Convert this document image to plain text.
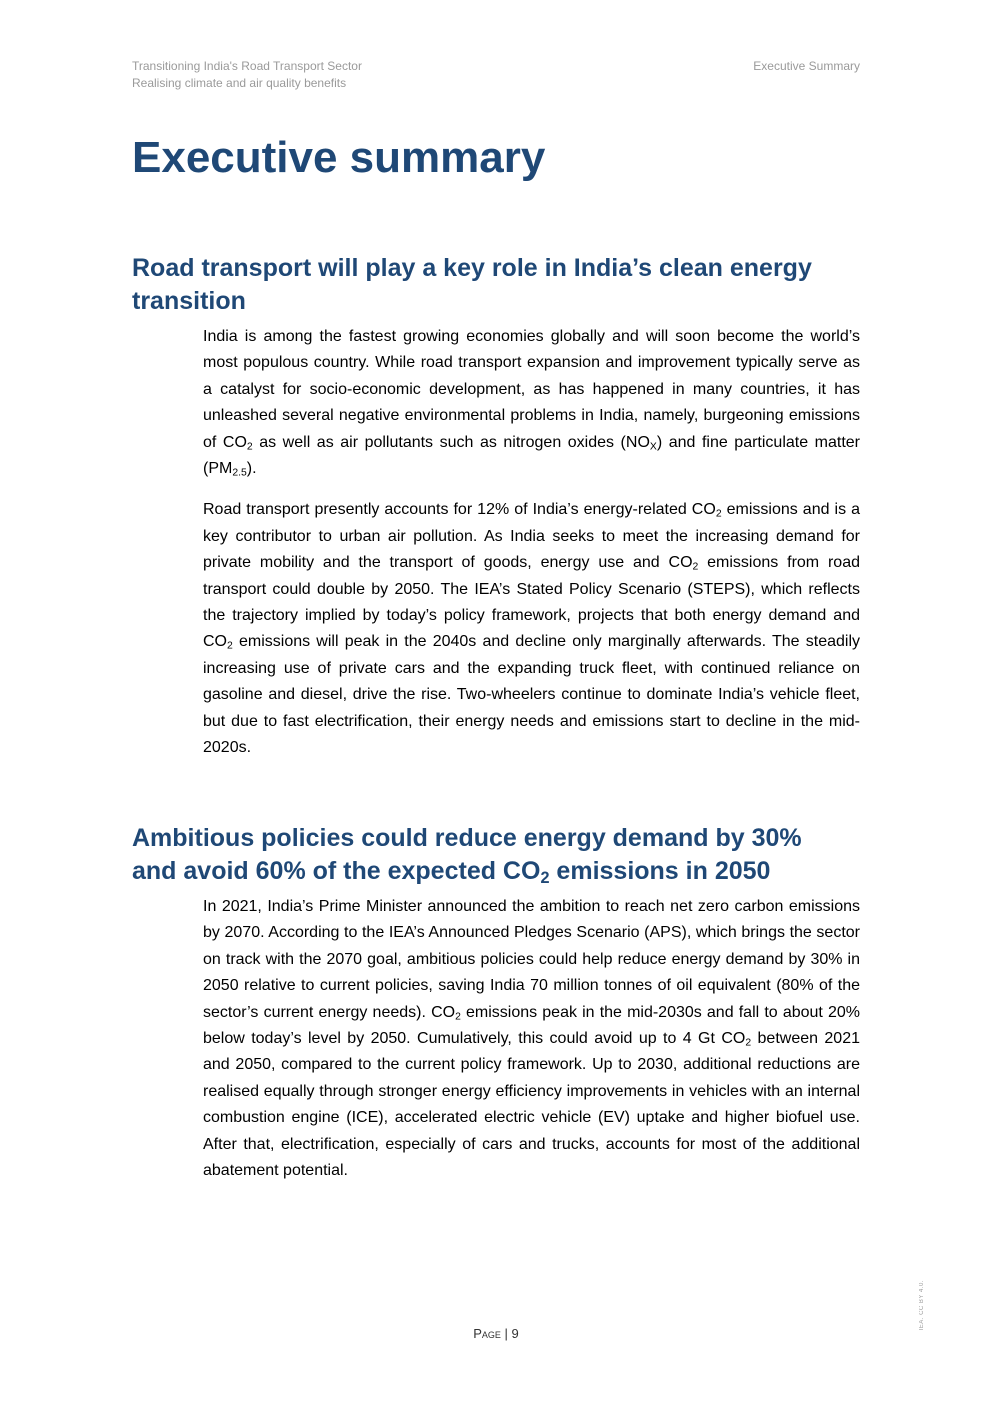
Transitioning India's Road Transport Sector
Realising climate and air quality benefits
Executive Summary
Executive summary
Road transport will play a key role in India’s clean energy
transition

India is among the fastest growing economies globally and will soon become the world’s most populous country. While road transport expansion and improvement typically serve as a catalyst for socio-economic development, as has happened in many countries, it has unleashed several negative environmental problems in India, namely, burgeoning emissions of $CO_2$ as well as air pollutants such as nitrogen oxides $(NO_X)$ and fine particulate matter $(PM_{2.5})$.

Road transport presently accounts for 12% of India’s energy-related $CO_2$ emissions and is a key contributor to urban air pollution. As India seeks to meet the increasing demand for private mobility and the transport of goods, energy use and $CO_2$ emissions from road transport could double by 2050. The IEA’s Stated Policy Scenario (STEPS), which reflects the trajectory implied by today’s policy framework, projects that both energy demand and $CO_2$ emissions will peak in the 2040s and decline only marginally afterwards. The steadily increasing use of private cars and the expanding truck fleet, with continued reliance on gasoline and diesel, drive the rise. Two-wheelers continue to dominate India’s vehicle fleet, but due to fast electrification, their energy needs and emissions start to decline in the mid-2020s.

Ambitious policies could reduce energy demand by 30%
and avoid 60% of the expected $CO_2$ emissions in 2050

In 2021, India’s Prime Minister announced the ambition to reach net zero carbon emissions by 2070. According to the IEA’s Announced Pledges Scenario (APS), which brings the sector on track with the 2070 goal, ambitious policies could help reduce energy demand by 30% in 2050 relative to current policies, saving India 70 million tonnes of oil equivalent (80% of the sector’s current energy needs). $CO_2$ emissions peak in the mid-2030s and fall to about 20% below today’s level by 2050. Cumulatively, this could avoid up to 4 Gt $CO_2$ between 2021 and 2050, compared to the current policy framework. Up to 2030, additional reductions are realised equally through stronger energy efficiency improvements in vehicles with an internal combustion engine (ICE), accelerated electric vehicle (EV) uptake and higher biofuel use. After that, electrification, especially of cars and trucks, accounts for most of the additional abatement potential.

Page | 9
IEA. CC BY 4.0.
